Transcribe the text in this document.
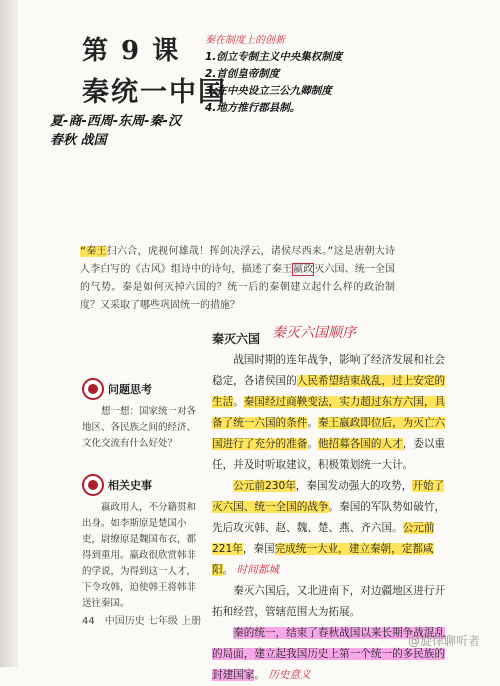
第 9 课
秦统一中国
夏-商-西周-东周-秦-汉
春秋 战国
秦在制度上的创新
1.创立专制主义中央集权制度
2.首创皇帝制度
3.在中央设立三公九卿制度
4.地方推行郡县制。
“秦王扫六合，虎视何雄哉！挥剑决浮云，诸侯尽西来。”这是唐朝大诗人李白写的《古风》组诗中的诗句，描述了秦王嬴政灭六国、统一全国的气势。秦是如何灭掉六国的？统一后的秦朝建立起什么样的政治制度？又采取了哪些巩固统一的措施？
秦灭六国 秦灭六国顺序

战国时期的连年战争，影响了经济发展和社会稳定，各诸侯国的人民希望结束战乱，过上安定的生活。秦国经过商鞅变法，实力超过东方六国，具备了统一六国的条件。秦王嬴政即位后，为灭亡六国进行了充分的准备。他招募各国的人才，委以重任，并及时听取建议，积极策划统一大计。

公元前230年，秦国发动强大的攻势，开始了灭六国、统一全国的战争。秦国的军队势如破竹，先后攻灭韩、赵、魏、楚、燕、齐六国。公元前221年，秦国完成统一大业，建立秦朝，定都咸阳。 时间都城

秦灭六国后，又北进南下，对边疆地区进行开拓和经营，管辖范围大为拓展。

秦的统一，结束了春秋战国以来长期争战混乱的局面，建立起我国历史上第一个统一的多民族的封建国家。 历史意义

问题思考
想一想：国家统一对各地区、各民族之间的经济、文化交流有什么好处？
相关史事
嬴政用人，不分籍贯和出身。如李斯原是楚国小吏，尉缭原是魏国布衣，都得到重用。嬴政很欣赏韩非的学说，为得到这一人才，下令攻韩，迫使韩王将韩非送往秦国。
44 中国历史 七年级 上册
@旋律聊听者
